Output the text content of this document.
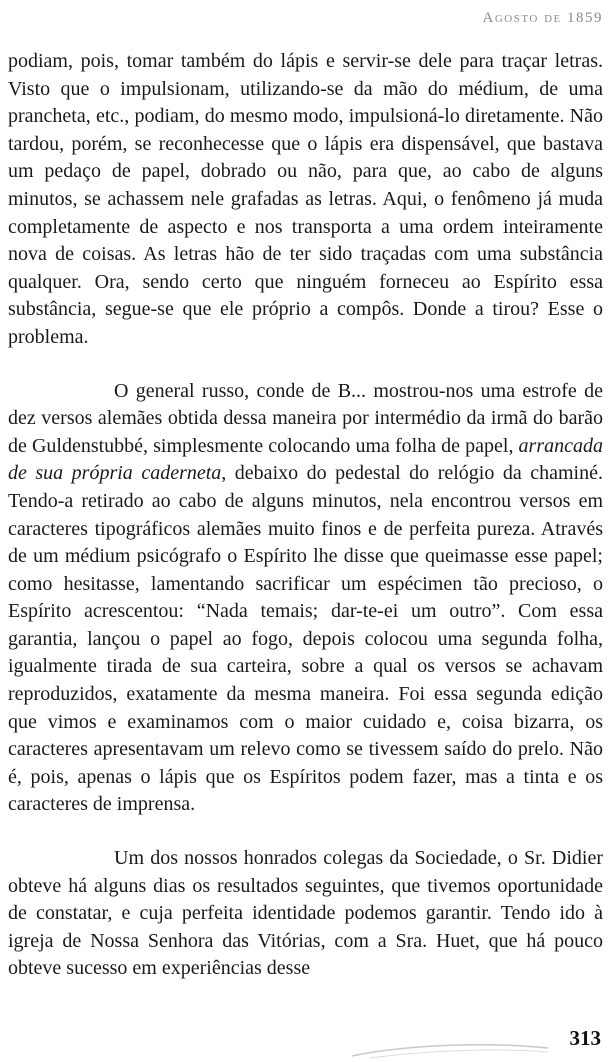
Agosto de 1859

podiam, pois, tomar também do lápis e servir-se dele para traçar letras. Visto que o impulsionam, utilizando-se da mão do médium, de uma prancheta, etc., podiam, do mesmo modo, impulsioná-lo diretamente. Não tardou, porém, se reconhecesse que o lápis era dispensável, que bastava um pedaço de papel, dobrado ou não, para que, ao cabo de alguns minutos, se achassem nele grafadas as letras. Aqui, o fenômeno já muda completamente de aspecto e nos transporta a uma ordem inteiramente nova de coisas. As letras hão de ter sido traçadas com uma substância qualquer. Ora, sendo certo que ninguém forneceu ao Espírito essa substância, segue-se que ele próprio a compôs. Donde a tirou? Esse o problema.

O general russo, conde de B... mostrou-nos uma estrofe de dez versos alemães obtida dessa maneira por intermédio da irmã do barão de Guldenstubbé, simplesmente colocando uma folha de papel, arrancada de sua própria caderneta, debaixo do pedestal do relógio da chaminé. Tendo-a retirado ao cabo de alguns minutos, nela encontrou versos em caracteres tipográficos alemães muito finos e de perfeita pureza. Através de um médium psicógrafo o Espírito lhe disse que queimasse esse papel; como hesitasse, lamentando sacrificar um espécimen tão precioso, o Espírito acrescentou: “Nada temais; dar-te-ei um outro”. Com essa garantia, lançou o papel ao fogo, depois colocou uma segunda folha, igualmente tirada de sua carteira, sobre a qual os versos se achavam reproduzidos, exatamente da mesma maneira. Foi essa segunda edição que vimos e examinamos com o maior cuidado e, coisa bizarra, os caracteres apresentavam um relevo como se tivessem saído do prelo. Não é, pois, apenas o lápis que os Espíritos podem fazer, mas a tinta e os caracteres de imprensa.

Um dos nossos honrados colegas da Sociedade, o Sr. Didier obteve há alguns dias os resultados seguintes, que tivemos oportunidade de constatar, e cuja perfeita identidade podemos garantir. Tendo ido à igreja de Nossa Senhora das Vitórias, com a Sra. Huet, que há pouco obteve sucesso em experiências desse

313
